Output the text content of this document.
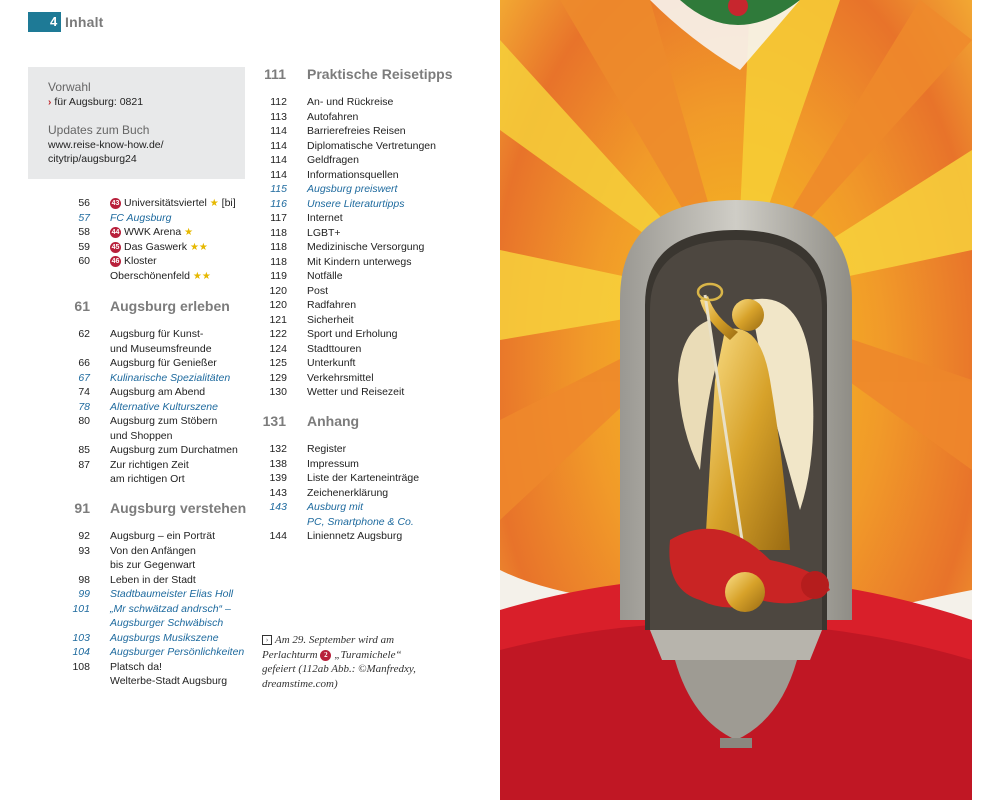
4 Inhalt
Vorwahl
› für Augsburg: 0821
Updates zum Buch
www.reise-know-how.de/
citytrip/augsburg24
56	43 Universitätsviertel ★ [bi]
57 FC Augsburg
58	44 WWK Arena ★
59	45 Das Gaswerk ★★
60	46 Kloster
Oberschönenfeld ★★
61 Augsburg erleben
62 Augsburg für Kunst-
und Museumsfreunde
66 Augsburg für Genießer
67 Kulinarische Spezialitäten
74 Augsburg am Abend
78 Alternative Kulturszene
80 Augsburg zum Stöbern
und Shoppen
85 Augsburg zum Durchatmen
87 Zur richtigen Zeit
am richtigen Ort
91 Augsburg verstehen
92 Augsburg – ein Porträt
93 Von den Anfängen
bis zur Gegenwart
98 Leben in der Stadt
99 Stadtbaumeister Elias Holl
101 „Mr schwätzad andrsch“ –
Augsburger Schwäbisch
103 Augsburgs Musikszene
104 Augsburger Persönlichkeiten
108 Platsch da!
Welterbe-Stadt Augsburg
111 Praktische Reisetipps
112 An- und Rückreise
113 Autofahren
114 Barrierefreies Reisen
114 Diplomatische Vertretungen
114 Geldfragen
114 Informationsquellen
115 Augsburg preiswert
116 Unsere Literaturtipps
117 Internet
118 LGBT+
118 Medizinische Versorgung
118 Mit Kindern unterwegs
119 Notfälle
120 Post
120 Radfahren
121 Sicherheit
122 Sport und Erholung
124 Stadttouren
125 Unterkunft
129 Verkehrsmittel
130 Wetter und Reisezeit
131 Anhang
132 Register
138 Impressum
139 Liste der Karteneinträge
143 Zeichenerklärung
143 Ausburg mit
PC, Smartphone & Co.
144 Liniennetz Augsburg
› Am 29. September wird am
Perlachturm 2 „Turamichele“
gefeiert (112ab Abb.: ©Manfredxy,
dreamstime.com)
